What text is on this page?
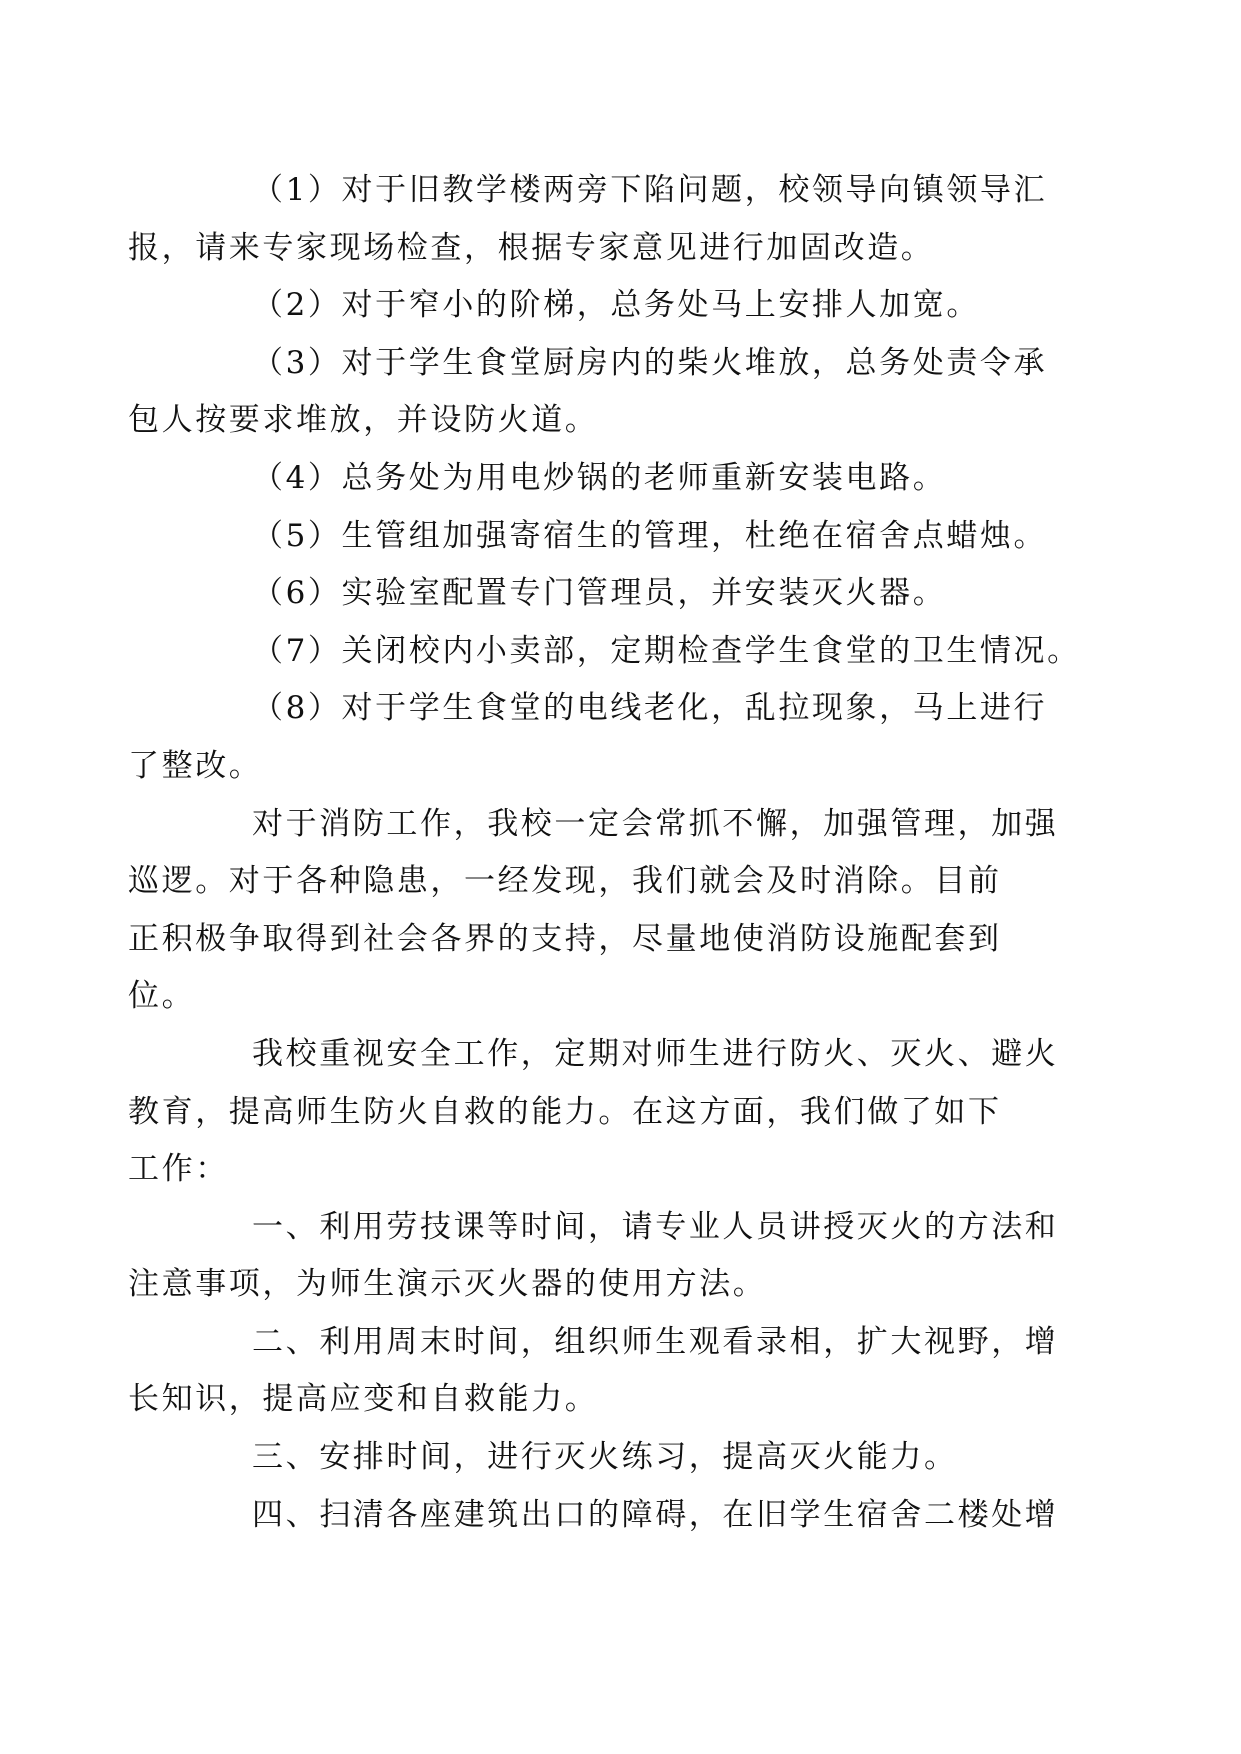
（1）对于旧教学楼两旁下陷问题，校领导向镇领导汇
报，请来专家现场检查，根据专家意见进行加固改造。

（2）对于窄小的阶梯，总务处马上安排人加宽。

（3）对于学生食堂厨房内的柴火堆放，总务处责令承
包人按要求堆放，并设防火道。

（4）总务处为用电炒锅的老师重新安装电路。

（5）生管组加强寄宿生的管理，杜绝在宿舍点蜡烛。

（6）实验室配置专门管理员，并安装灭火器。

（7）关闭校内小卖部，定期检查学生食堂的卫生情况。

（8）对于学生食堂的电线老化，乱拉现象，马上进行
了整改。

对于消防工作，我校一定会常抓不懈，加强管理，加强
巡逻。对于各种隐患，一经发现，我们就会及时消除。目前
正积极争取得到社会各界的支持，尽量地使消防设施配套到
位。

我校重视安全工作，定期对师生进行防火、灭火、避火
教育，提高师生防火自救的能力。在这方面，我们做了如下
工作：

一、利用劳技课等时间，请专业人员讲授灭火的方法和
注意事项，为师生演示灭火器的使用方法。

二、利用周末时间，组织师生观看录相，扩大视野，增
长知识，提高应变和自救能力。

三、安排时间，进行灭火练习，提高灭火能力。

四、扫清各座建筑出口的障碍，在旧学生宿舍二楼处增
